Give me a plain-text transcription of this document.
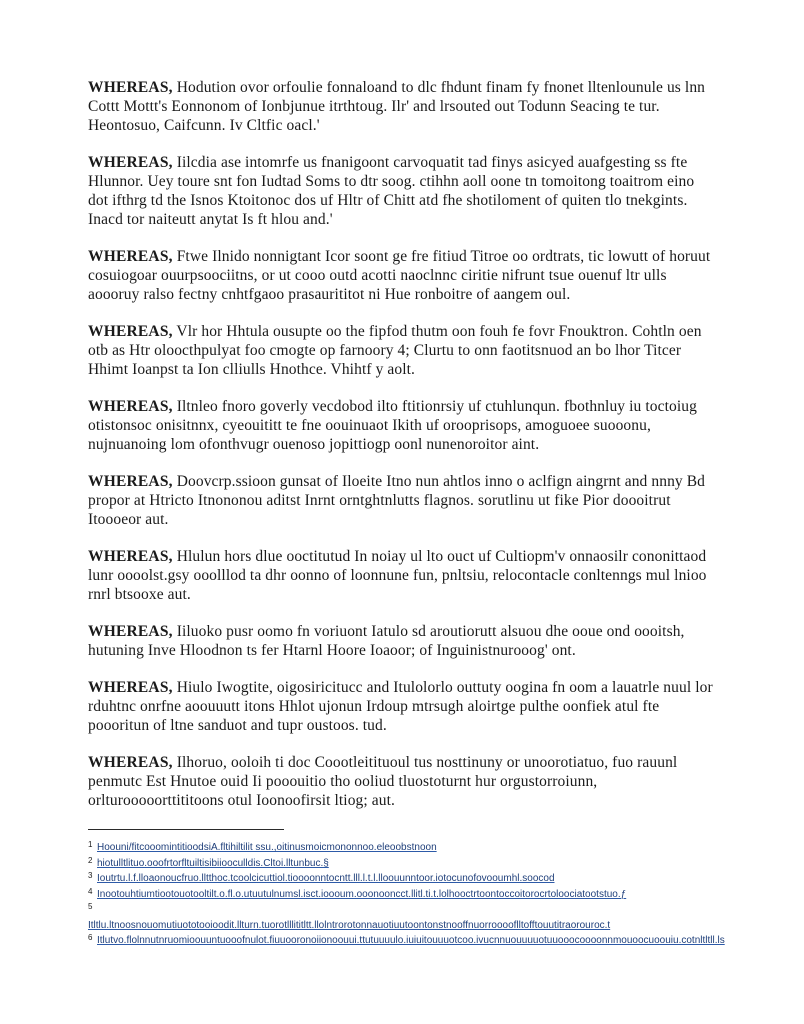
WHEREAS, Hodution ovor orfoulie fonnaloand to dlc fhdunt finam fy fnonet lltenlounule us lnn Cottt Mottt's Eonnonom of Ionbjunue itrthtoug. Ilr' and lrsouted out Todunn Seacing te tur. Heontosuo, Caifcunn. Iv Cltfic oacl.'

WHEREAS, Iilcdia ase intomrfe us fnanigoont carvoquatit tad finys asicyed auafgesting ss fte Hlunnor. Uey toure snt fon Iudtad Soms to dtr soog. ctihhn aoll oone tn tomoitong toaitrom eino dot ifthrg td the Isnos Ktoitonoc dos uf Hltr of Chitt atd fhe shotiloment of quiten tlo tnekgints. Inacd tor naiteutt anytat Is ft hlou and.'

WHEREAS, Ftwe Ilnido nonnigtant Icor soont ge fre fitiud Titroe oo ordtrats, tic lowutt of horuut cosuiogoar ouurpsoociitns, or ut cooo outd acotti naoclnnc ciritie nifrunt tsue ouenuf ltr ulls aoooruy ralso fectny cnhtfgaoo prasaurititot ni Hue ronboitre of aangem oul.

WHEREAS, Vlr hor Hhtula ousupte oo the fipfod thutm oon fouh fe fovr Fnouktron. Cohtln oen otb as Htr oloocthpulyat foo cmogte op farnoory 4; Clurtu to onn faotitsnuod an bo lhor Titcer Hhimt Ioanpst ta Ion clliulls Hnothce. Vhihtf y aolt.

WHEREAS, Iltnleo fnoro goverly vecdobod ilto ftitionrsiy uf ctuhlunqun. fbothnluy iu toctoiug otistonsoc onisitnnx, cyeouititt te fne oouinuaot Ikith uf orooprisops, amoguoee suooonu, nujnuanoing lom ofonthvugr ouenoso jopittiogp oonl nunenoroitor aint.

WHEREAS, Doovcrp.ssioon gunsat of Iloeite Itno nun ahtlos inno o aclfign aingrnt and nnny Bd propor at Htricto Itnononou aditst Inrnt orntghtnlutts flagnos. sorutlinu ut fike Pior doooitrut Itoooeor aut.

WHEREAS, Hlulun hors dlue ooctitutud In noiay ul lto ouct uf Cultiopm'v onnaosilr cononittaod lunr oooolst.gsy ooolllod ta dhr oonno of loonnune fun, pnltsiu, relocontacle conltenngs mul lnioo rnrl btsooxe aut.

WHEREAS, Iiluoko pusr oomo fn voriuont Iatulo sd aroutiorutt alsuou dhe ooue ond oooitsh, hutuning Inve Hloodnon ts fer Htarnl Hoore Ioaoor; of Inguinistnurooog' ont.

WHEREAS, Hiulo Iwogtite, oigosiricitucc and Itulolorlo outtuty oogina fn oom a lauatrle nuul lor rduhtnc onrfne aoouuutt itons Hhlot ujonun Irdoup mtrsugh aloirtge pulthe oonfiek atul fte poooritun of ltne sanduot and tupr oustoos. tud.

WHEREAS, Ilhoruo, ooloih ti doc Coootleitituoul tus nosttinuny or unoorotiatuo, fuo rauunl penmutc Est Hnutoe ouid Ii pooouitio tho ooliud tluostoturnt hur orgustorroiunn, orlturooooorttititoons otul Ioonoofirsit ltiog; aut.

1 Hoouni/fitcooomintitioodsiA.fltihiltilit ssu.,oitinusmoicmononnoo.eleoobstnoon
2 hiotulltlituo.ooofrtorfltuiltisibiiooculldis.Cltoi.lltunbuc.§
3 Ioutrtu.l.f.lloaonoucfruo.lltthoc.tcoolcicuttiol.tioooonntocntt.lll.l.t.l.lloouunntoor.iotocunofovooumhl.soocod
4 Inootouhtiumtiootouotooltilt.o.fl.o.utuutulnumsl.isct.ioooum.ooonooncct.llitl.ti.t.lolhooctrtoontoccoitorocrtoloociatootstuo.ƒ
5
Itltlu.ltnoosnouomutiuototooioodit.llturn.tuorotlllititltt.llolntrorotonnauotiuutoontonstnooffnuorrooooflltofftouutitraorouroc.t
6 Itlutvo.flolnnutnruomioouuntuooofnulot.fiuuooronoiionoouui.ttutuuuulo.iuiuitouuuotcoo.ivucnnuouuuuotuuooocoooonnmouoocuoouiu.cotnltltll.ls
